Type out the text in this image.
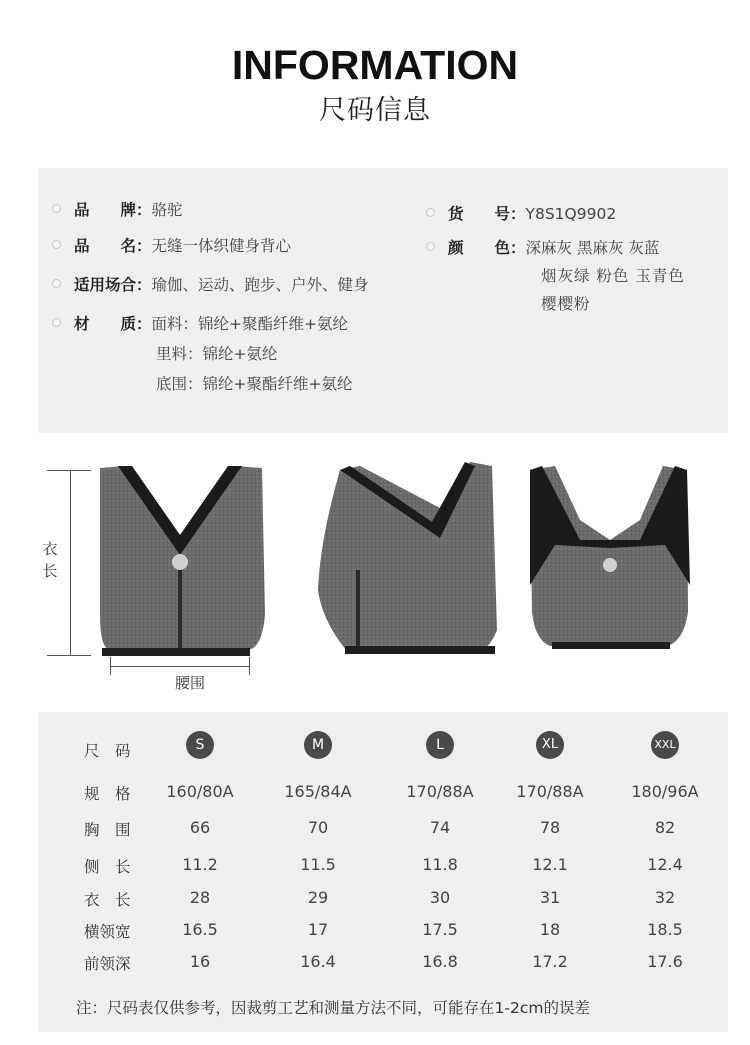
INFORMATION
尺码信息
品　　牌：骆驼
品　　名：无缝一体织健身背心
适用场合：瑜伽、运动、跑步、户外、健身
材　　质：面料：锦纶+聚酯纤维+氨纶
里料：锦纶+氨纶
底围：锦纶+聚酯纤维+氨纶
货　　号：Y8S1Q9902
颜　　色：深麻灰 黑麻灰 灰蓝
烟灰绿 粉色 玉青色
樱樱粉
衣长
腰围
尺　码	S	M	L	XL	XXL
规　格	160/80A	165/84A	170/88A	170/88A	180/96A
胸　围	66	70	74	78	82
侧　长	11.2	11.5	11.8	12.1	12.4
衣　长	28	29	30	31	32
横领宽	16.5	17	17.5	18	18.5
前领深	16	16.4	16.8	17.2	17.6
注：尺码表仅供参考，因裁剪工艺和测量方法不同，可能存在1-2cm的误差
